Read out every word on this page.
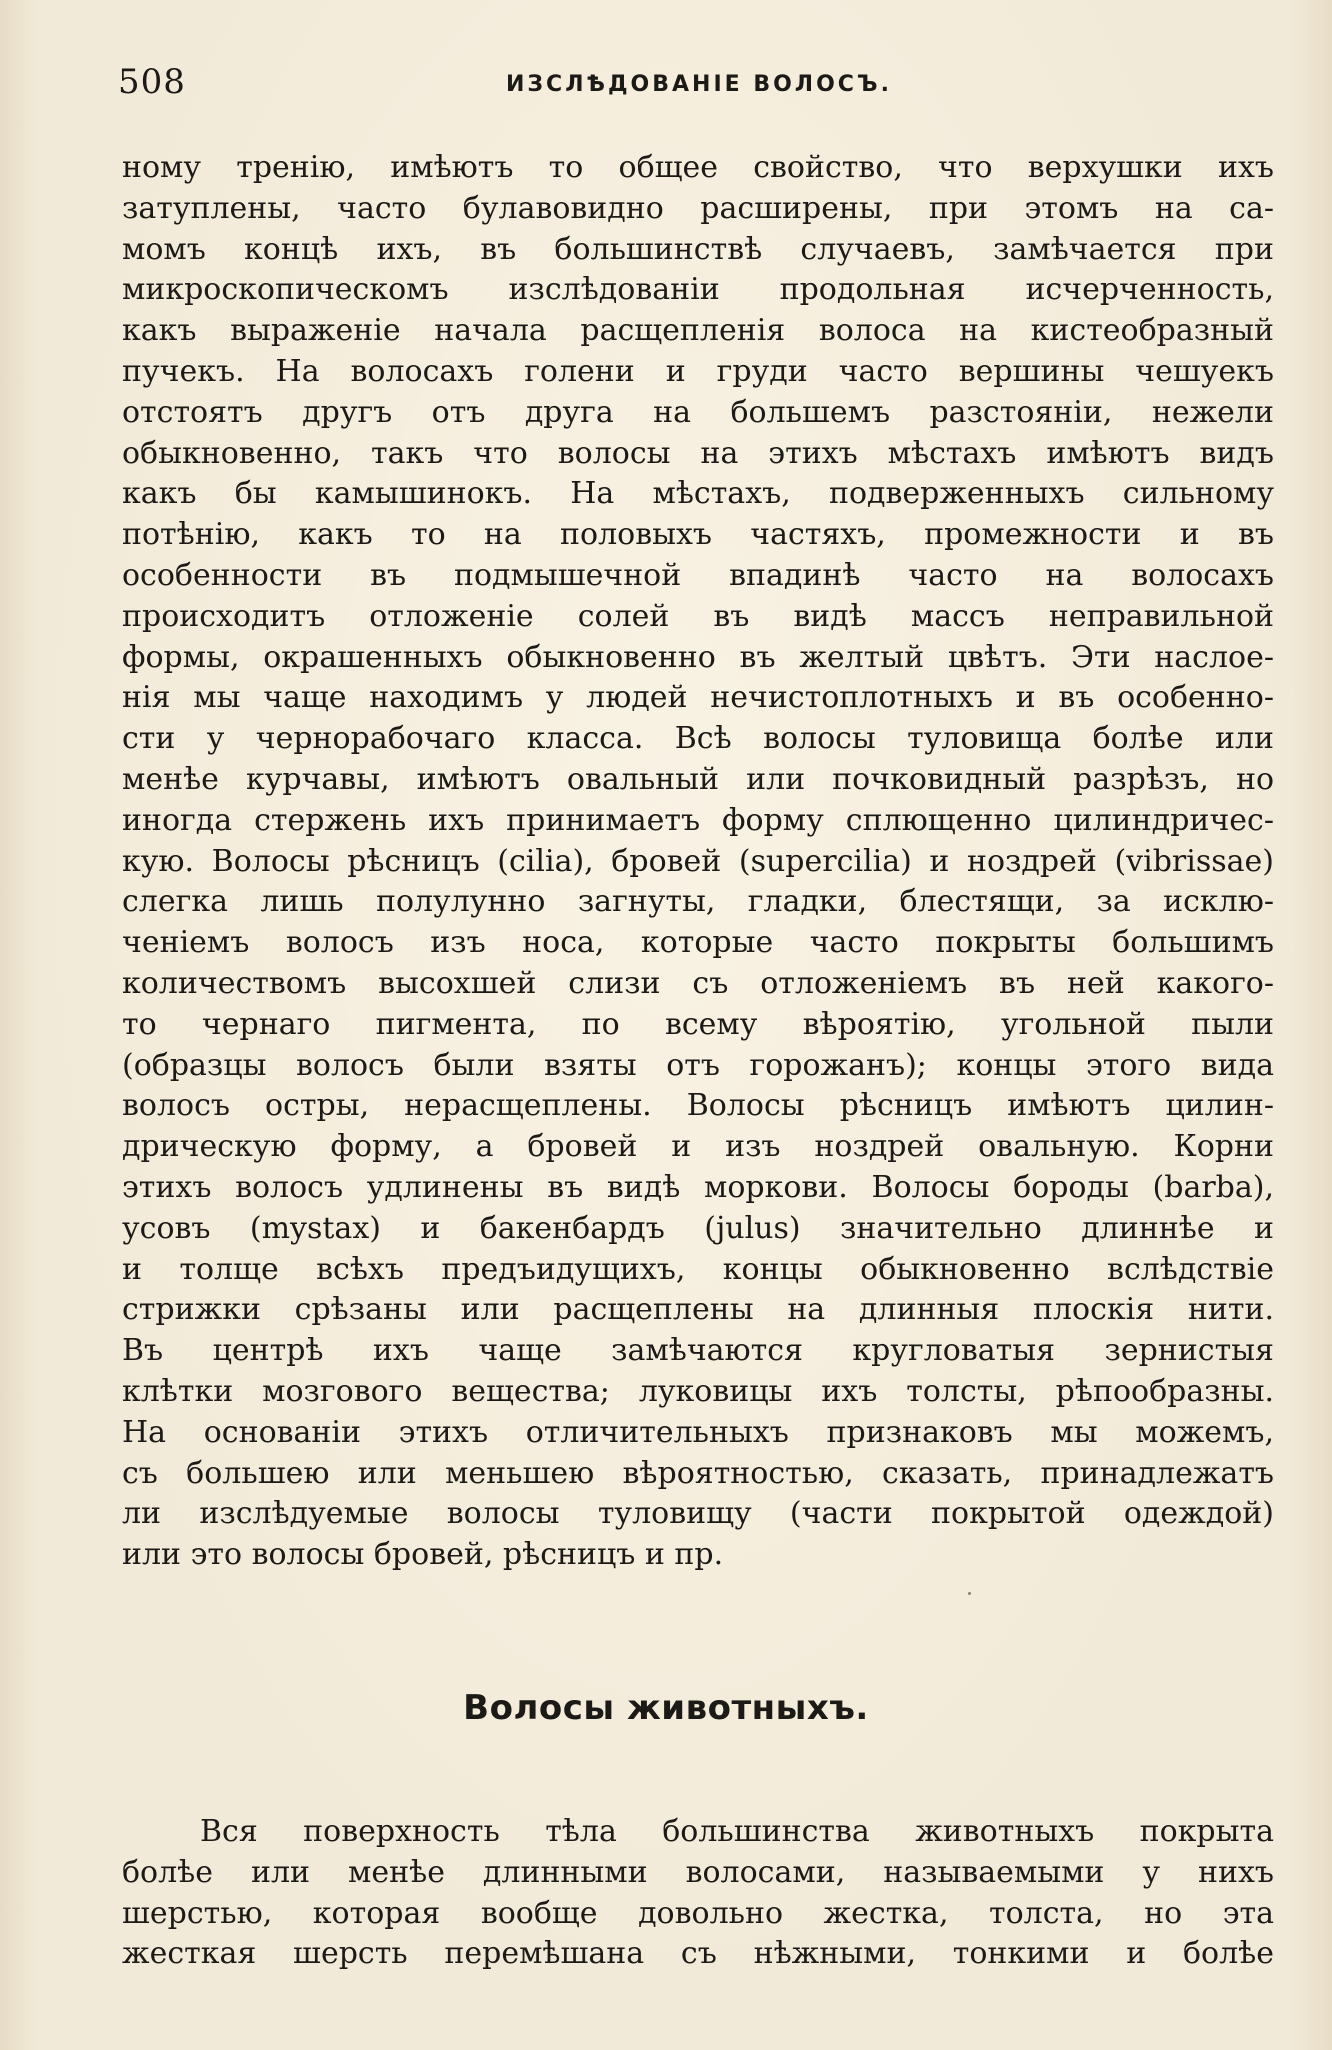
508	ИЗСЛѢДОВАНІЕ ВОЛОСЪ.
ному тренію, имѣютъ то общее свойство, что верхушки ихъ
затуплены, часто булавовидно расширены, при этомъ на са-
момъ концѣ ихъ, въ большинствѣ случаевъ, замѣчается при
микроскопическомъ изслѣдованіи продольная исчерченность,
какъ выраженіе начала расщепленія волоса на кистеобразный
пучекъ. На волосахъ голени и груди часто вершины чешуекъ
отстоятъ другъ отъ друга на большемъ разстояніи, нежели
обыкновенно, такъ что волосы на этихъ мѣстахъ имѣютъ видъ
какъ бы камышинокъ. На мѣстахъ, подверженныхъ сильному
потѣнію, какъ то на половыхъ частяхъ, промежности и въ
особенности въ подмышечной впадинѣ часто на волосахъ
происходитъ отложеніе солей въ видѣ массъ неправильной
формы, окрашенныхъ обыкновенно въ желтый цвѣтъ. Эти наслое-
нія мы чаще находимъ у людей нечистоплотныхъ и въ особенно-
сти у чернорабочаго класса. Всѣ волосы туловища болѣе или
менѣе курчавы, имѣютъ овальный или почковидный разрѣзъ, но
иногда стержень ихъ принимаетъ форму сплющенно цилиндричес-
кую. Волосы рѣсницъ (cilia), бровей (supercilia) и ноздрей (vibrissae)
слегка лишь полулунно загнуты, гладки, блестящи, за исклю-
ченіемъ волосъ изъ носа, которые часто покрыты большимъ
количествомъ высохшей слизи съ отложеніемъ въ ней какого-
то чернаго пигмента, по всему вѣроятію, угольной пыли
(образцы волосъ были взяты отъ горожанъ); концы этого вида
волосъ остры, нерасщеплены. Волосы рѣсницъ имѣютъ цилин-
дрическую форму, а бровей и изъ ноздрей овальную. Корни
этихъ волосъ удлинены въ видѣ моркови. Волосы бороды (barba),
усовъ (mystax) и бакенбардъ (julus) значительно длиннѣе и
и толще всѣхъ предъидущихъ, концы обыкновенно вслѣдствіе
стрижки срѣзаны или расщеплены на длинныя плоскія нити.
Въ центрѣ ихъ чаще замѣчаются кругловатыя зернистыя
клѣтки мозгового вещества; луковицы ихъ толсты, рѣпообразны.
На основаніи этихъ отличительныхъ признаковъ мы можемъ,
съ большею или меньшею вѣроятностью, сказать, принадлежатъ
ли изслѣдуемые волосы туловищу (части покрытой одеждой)
или это волосы бровей, рѣсницъ и пр.
Волосы животныхъ.
Вся поверхность тѣла большинства животныхъ покрыта
болѣе или менѣе длинными волосами, называемыми у нихъ
шерстью, которая вообще довольно жестка, толста, но эта
жесткая шерсть перемѣшана съ нѣжными, тонкими и болѣе
